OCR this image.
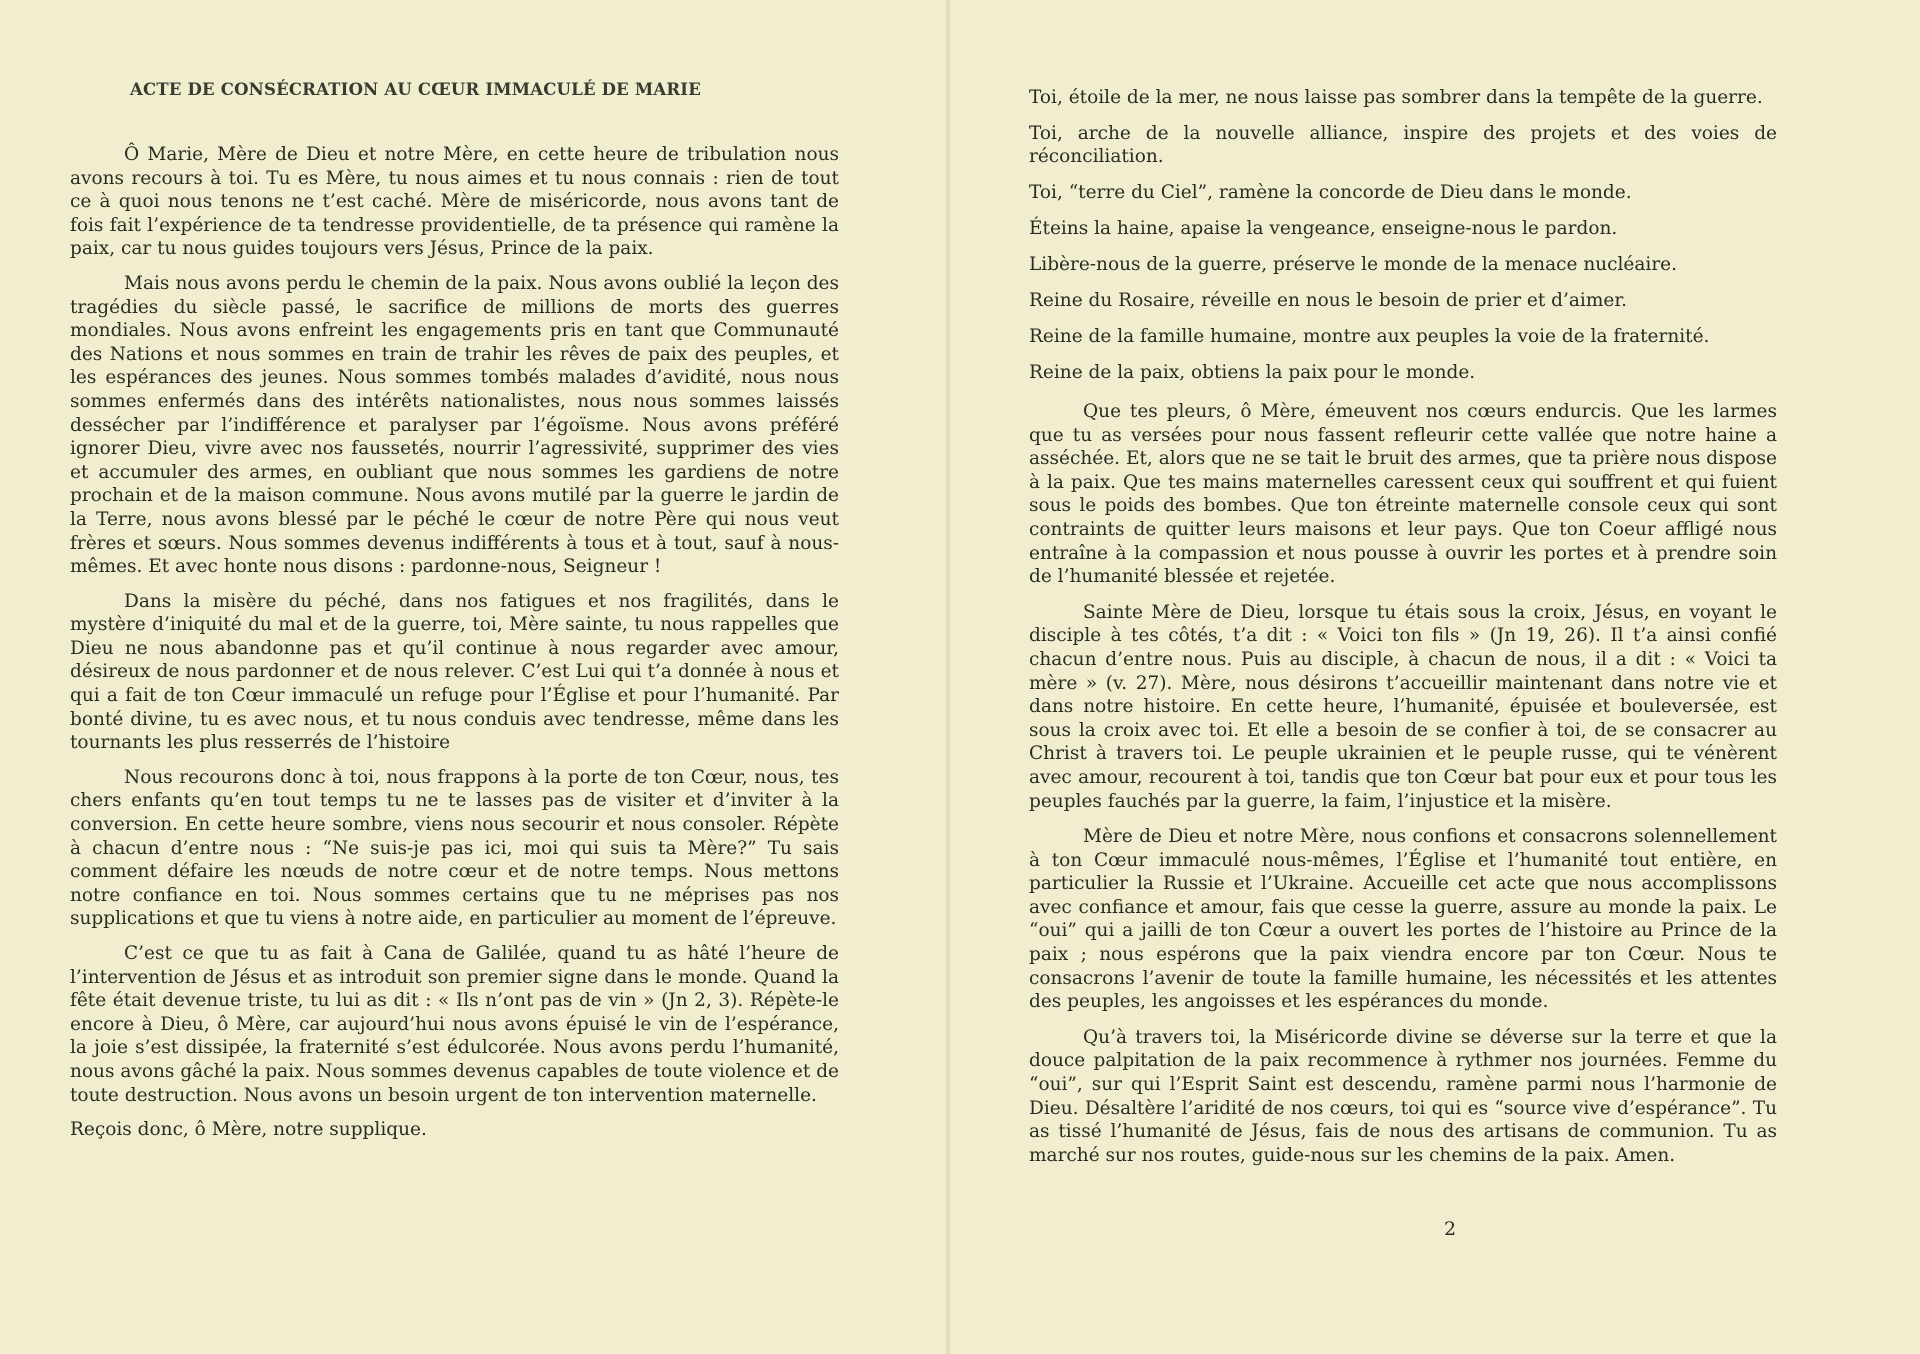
ACTE DE CONSÉCRATION AU CŒUR IMMACULÉ DE MARIE

Ô Marie, Mère de Dieu et notre Mère, en cette heure de tribulation nous avons recours à toi. Tu es Mère, tu nous aimes et tu nous connais : rien de tout ce à quoi nous tenons ne t’est caché. Mère de miséricorde, nous avons tant de fois fait l’expérience de ta tendresse providentielle, de ta présence qui ramène la paix, car tu nous guides toujours vers Jésus, Prince de la paix.

Mais nous avons perdu le chemin de la paix. Nous avons oublié la leçon des tragédies du siècle passé, le sacrifice de millions de morts des guerres mondiales. Nous avons enfreint les engagements pris en tant que Communauté des Nations et nous sommes en train de trahir les rêves de paix des peuples, et les espérances des jeunes. Nous sommes tombés malades d’avidité, nous nous sommes enfermés dans des intérêts nationalistes, nous nous sommes laissés dessécher par l’indifférence et paralyser par l’égoïsme. Nous avons préféré ignorer Dieu, vivre avec nos faussetés, nourrir l’agressivité, supprimer des vies et accumuler des armes, en oubliant que nous sommes les gardiens de notre prochain et de la maison commune. Nous avons mutilé par la guerre le jardin de la Terre, nous avons blessé par le péché le cœur de notre Père qui nous veut frères et sœurs. Nous sommes devenus indifférents à tous et à tout, sauf à nous-mêmes. Et avec honte nous disons : pardonne-nous, Seigneur !

Dans la misère du péché, dans nos fatigues et nos fragilités, dans le mystère d’iniquité du mal et de la guerre, toi, Mère sainte, tu nous rappelles que Dieu ne nous abandonne pas et qu’il continue à nous regarder avec amour, désireux de nous pardonner et de nous relever. C’est Lui qui t’a donnée à nous et qui a fait de ton Cœur immaculé un refuge pour l’Église et pour l’humanité. Par bonté divine, tu es avec nous, et tu nous conduis avec tendresse, même dans les tournants les plus resserrés de l’histoire

Nous recourons donc à toi, nous frappons à la porte de ton Cœur, nous, tes chers enfants qu’en tout temps tu ne te lasses pas de visiter et d’inviter à la conversion. En cette heure sombre, viens nous secourir et nous consoler. Répète à chacun d’entre nous : “Ne suis-je pas ici, moi qui suis ta Mère?” Tu sais comment défaire les nœuds de notre cœur et de notre temps. Nous mettons notre confiance en toi. Nous sommes certains que tu ne méprises pas nos supplications et que tu viens à notre aide, en particulier au moment de l’épreuve.

C’est ce que tu as fait à Cana de Galilée, quand tu as hâté l’heure de l’intervention de Jésus et as introduit son premier signe dans le monde. Quand la fête était devenue triste, tu lui as dit : « Ils n’ont pas de vin » (Jn 2, 3). Répète-le encore à Dieu, ô Mère, car aujourd’hui nous avons épuisé le vin de l’espérance, la joie s’est dissipée, la fraternité s’est édulcorée. Nous avons perdu l’humanité, nous avons gâché la paix. Nous sommes devenus capables de toute violence et de toute destruction. Nous avons un besoin urgent de ton intervention maternelle.

Reçois donc, ô Mère, notre supplique.

Toi, étoile de la mer, ne nous laisse pas sombrer dans la tempête de la guerre.

Toi, arche de la nouvelle alliance, inspire des projets et des voies de réconciliation.

Toi, “terre du Ciel”, ramène la concorde de Dieu dans le monde.

Éteins la haine, apaise la vengeance, enseigne-nous le pardon.

Libère-nous de la guerre, préserve le monde de la menace nucléaire.

Reine du Rosaire, réveille en nous le besoin de prier et d’aimer.

Reine de la famille humaine, montre aux peuples la voie de la fraternité.

Reine de la paix, obtiens la paix pour le monde.

Que tes pleurs, ô Mère, émeuvent nos cœurs endurcis. Que les larmes que tu as versées pour nous fassent refleurir cette vallée que notre haine a asséchée. Et, alors que ne se tait le bruit des armes, que ta prière nous dispose à la paix. Que tes mains maternelles caressent ceux qui souffrent et qui fuient sous le poids des bombes. Que ton étreinte maternelle console ceux qui sont contraints de quitter leurs maisons et leur pays. Que ton Coeur affligé nous entraîne à la compassion et nous pousse à ouvrir les portes et à prendre soin de l’humanité blessée et rejetée.

Sainte Mère de Dieu, lorsque tu étais sous la croix, Jésus, en voyant le disciple à tes côtés, t’a dit : « Voici ton fils » (Jn 19, 26). Il t’a ainsi confié chacun d’entre nous. Puis au disciple, à chacun de nous, il a dit : « Voici ta mère » (v. 27). Mère, nous désirons t’accueillir maintenant dans notre vie et dans notre histoire. En cette heure, l’humanité, épuisée et bouleversée, est sous la croix avec toi. Et elle a besoin de se confier à toi, de se consacrer au Christ à travers toi. Le peuple ukrainien et le peuple russe, qui te vénèrent avec amour, recourent à toi, tandis que ton Cœur bat pour eux et pour tous les peuples fauchés par la guerre, la faim, l’injustice et la misère.

Mère de Dieu et notre Mère, nous confions et consacrons solennellement à ton Cœur immaculé nous-mêmes, l’Église et l’humanité tout entière, en particulier la Russie et l’Ukraine. Accueille cet acte que nous accomplissons avec confiance et amour, fais que cesse la guerre, assure au monde la paix. Le “oui” qui a jailli de ton Cœur a ouvert les portes de l’histoire au Prince de la paix ; nous espérons que la paix viendra encore par ton Cœur. Nous te consacrons l’avenir de toute la famille humaine, les nécessités et les attentes des peuples, les angoisses et les espérances du monde.

Qu’à travers toi, la Miséricorde divine se déverse sur la terre et que la douce palpitation de la paix recommence à rythmer nos journées. Femme du “oui”, sur qui l’Esprit Saint est descendu, ramène parmi nous l’harmonie de Dieu. Désaltère l’aridité de nos cœurs, toi qui es “source vive d’espérance”. Tu as tissé l’humanité de Jésus, fais de nous des artisans de communion. Tu as marché sur nos routes, guide-nous sur les chemins de la paix. Amen.

2
